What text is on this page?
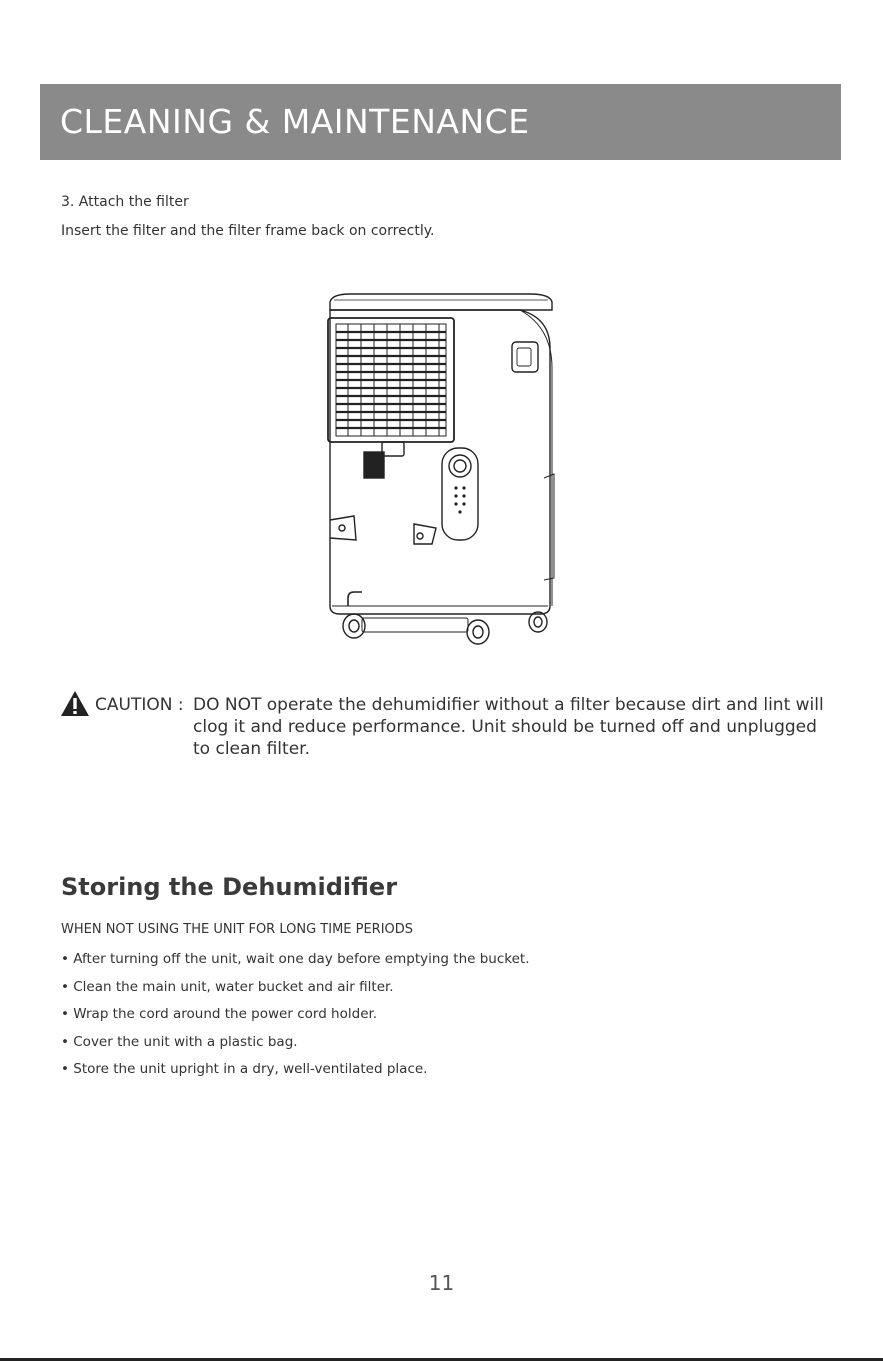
CLEANING & MAINTENANCE
3. Attach the filter
Insert the filter and the filter frame back on correctly.
CAUTION : DO NOT operate the dehumidifier without a filter because dirt and lint will clog it and reduce performance. Unit should be turned off and unplugged to clean filter.
Storing the Dehumidifier
WHEN NOT USING THE UNIT FOR LONG TIME PERIODS
• After turning off the unit, wait one day before emptying the bucket.
• Clean the main unit, water bucket and air filter.
• Wrap the cord around the power cord holder.
• Cover the unit with a plastic bag.
• Store the unit upright in a dry, well-ventilated place.
11
